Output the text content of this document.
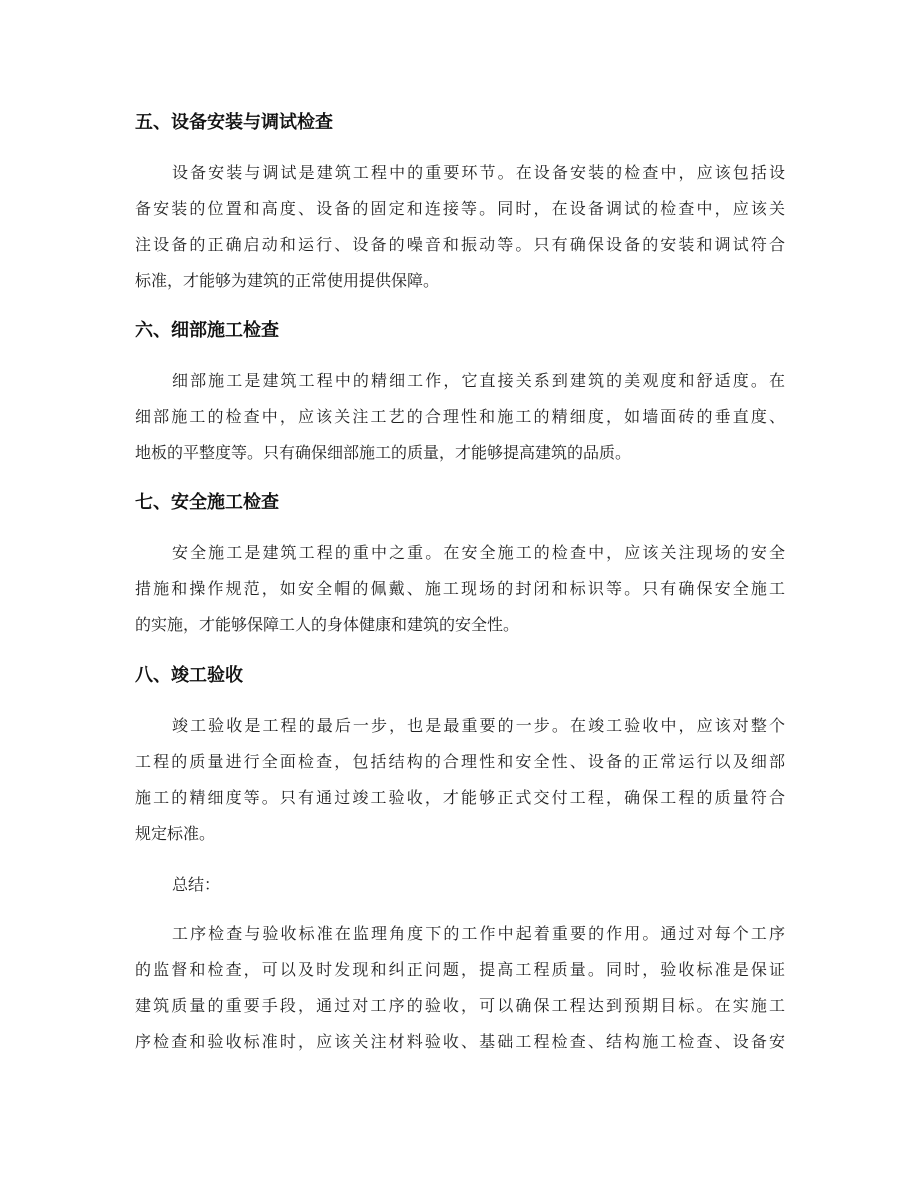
五、设备安装与调试检查
设备安装与调试是建筑工程中的重要环节。在设备安装的检查中，应该包括设
备安装的位置和高度、设备的固定和连接等。同时，在设备调试的检查中，应该关
注设备的正确启动和运行、设备的噪音和振动等。只有确保设备的安装和调试符合
标准，才能够为建筑的正常使用提供保障。
六、细部施工检查
细部施工是建筑工程中的精细工作，它直接关系到建筑的美观度和舒适度。在
细部施工的检查中，应该关注工艺的合理性和施工的精细度，如墙面砖的垂直度、
地板的平整度等。只有确保细部施工的质量，才能够提高建筑的品质。
七、安全施工检查
安全施工是建筑工程的重中之重。在安全施工的检查中，应该关注现场的安全
措施和操作规范，如安全帽的佩戴、施工现场的封闭和标识等。只有确保安全施工
的实施，才能够保障工人的身体健康和建筑的安全性。
八、竣工验收
竣工验收是工程的最后一步，也是最重要的一步。在竣工验收中，应该对整个
工程的质量进行全面检查，包括结构的合理性和安全性、设备的正常运行以及细部
施工的精细度等。只有通过竣工验收，才能够正式交付工程，确保工程的质量符合
规定标准。

总结：

工序检查与验收标准在监理角度下的工作中起着重要的作用。通过对每个工序
的监督和检查，可以及时发现和纠正问题，提高工程质量。同时，验收标准是保证
建筑质量的重要手段，通过对工序的验收，可以确保工程达到预期目标。在实施工
序检查和验收标准时，应该关注材料验收、基础工程检查、结构施工检查、设备安
